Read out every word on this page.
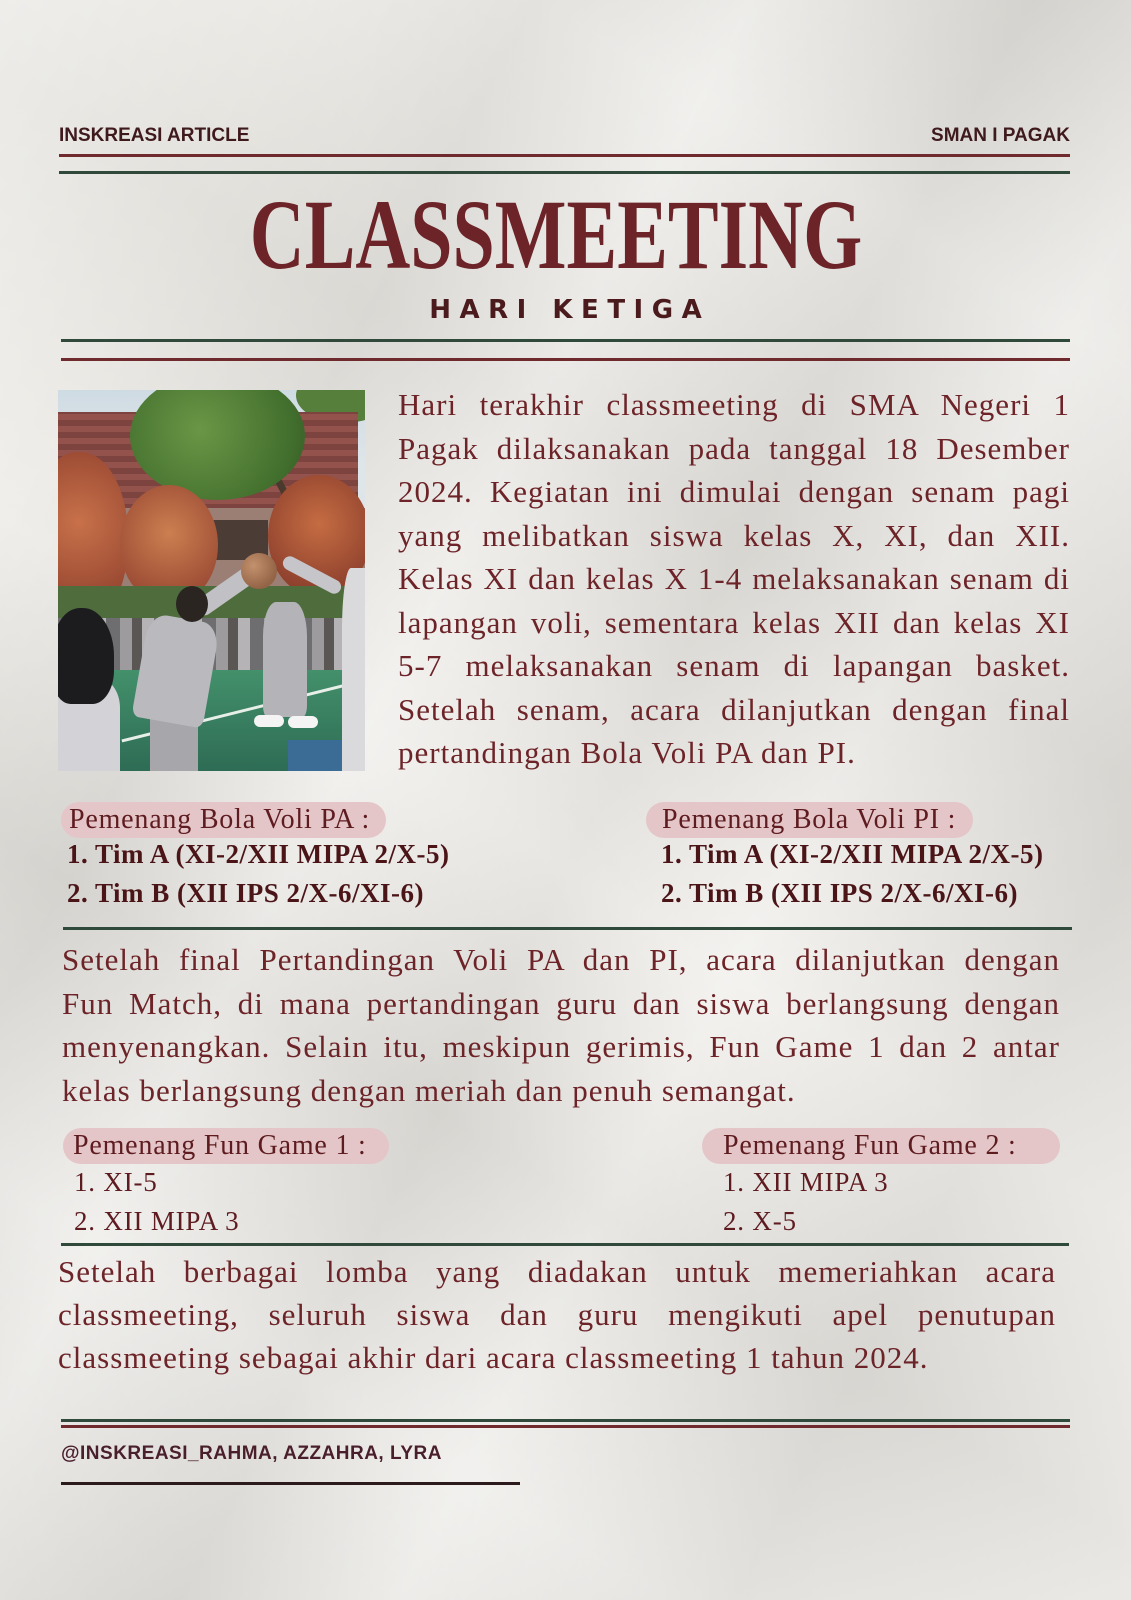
INSKREASI ARTICLE	SMAN I PAGAK
CLASSMEETING
HARI KETIGA
Hari terakhir classmeeting di SMA Negeri 1
Pagak dilaksanakan pada tanggal 18 Desember
2024. Kegiatan ini dimulai dengan senam pagi
yang melibatkan siswa kelas X, XI, dan XII.
Kelas XI dan kelas X 1-4 melaksanakan senam di
lapangan voli, sementara kelas XII dan kelas XI
5-7 melaksanakan senam di lapangan basket.
Setelah senam, acara dilanjutkan dengan final
pertandingan Bola Voli PA dan PI.
Pemenang Bola Voli PA :
1. Tim A (XI-2/XII MIPA 2/X-5)
2. Tim B (XII IPS 2/X-6/XI-6)
Pemenang Bola Voli PI :
1. Tim A (XI-2/XII MIPA 2/X-5)
2. Tim B (XII IPS 2/X-6/XI-6)
Setelah final Pertandingan Voli PA dan PI, acara dilanjutkan dengan
Fun Match, di mana pertandingan guru dan siswa berlangsung dengan
menyenangkan. Selain itu, meskipun gerimis, Fun Game 1 dan 2 antar
kelas berlangsung dengan meriah dan penuh semangat.
Pemenang Fun Game 1 :
1. XI-5
2. XII MIPA 3
Pemenang Fun Game 2 :
1. XII MIPA 3
2. X-5
Setelah berbagai lomba yang diadakan untuk memeriahkan acara
classmeeting, seluruh siswa dan guru mengikuti apel penutupan
classmeeting sebagai akhir dari acara classmeeting 1 tahun 2024.
@INSKREASI_RAHMA, AZZAHRA, LYRA
